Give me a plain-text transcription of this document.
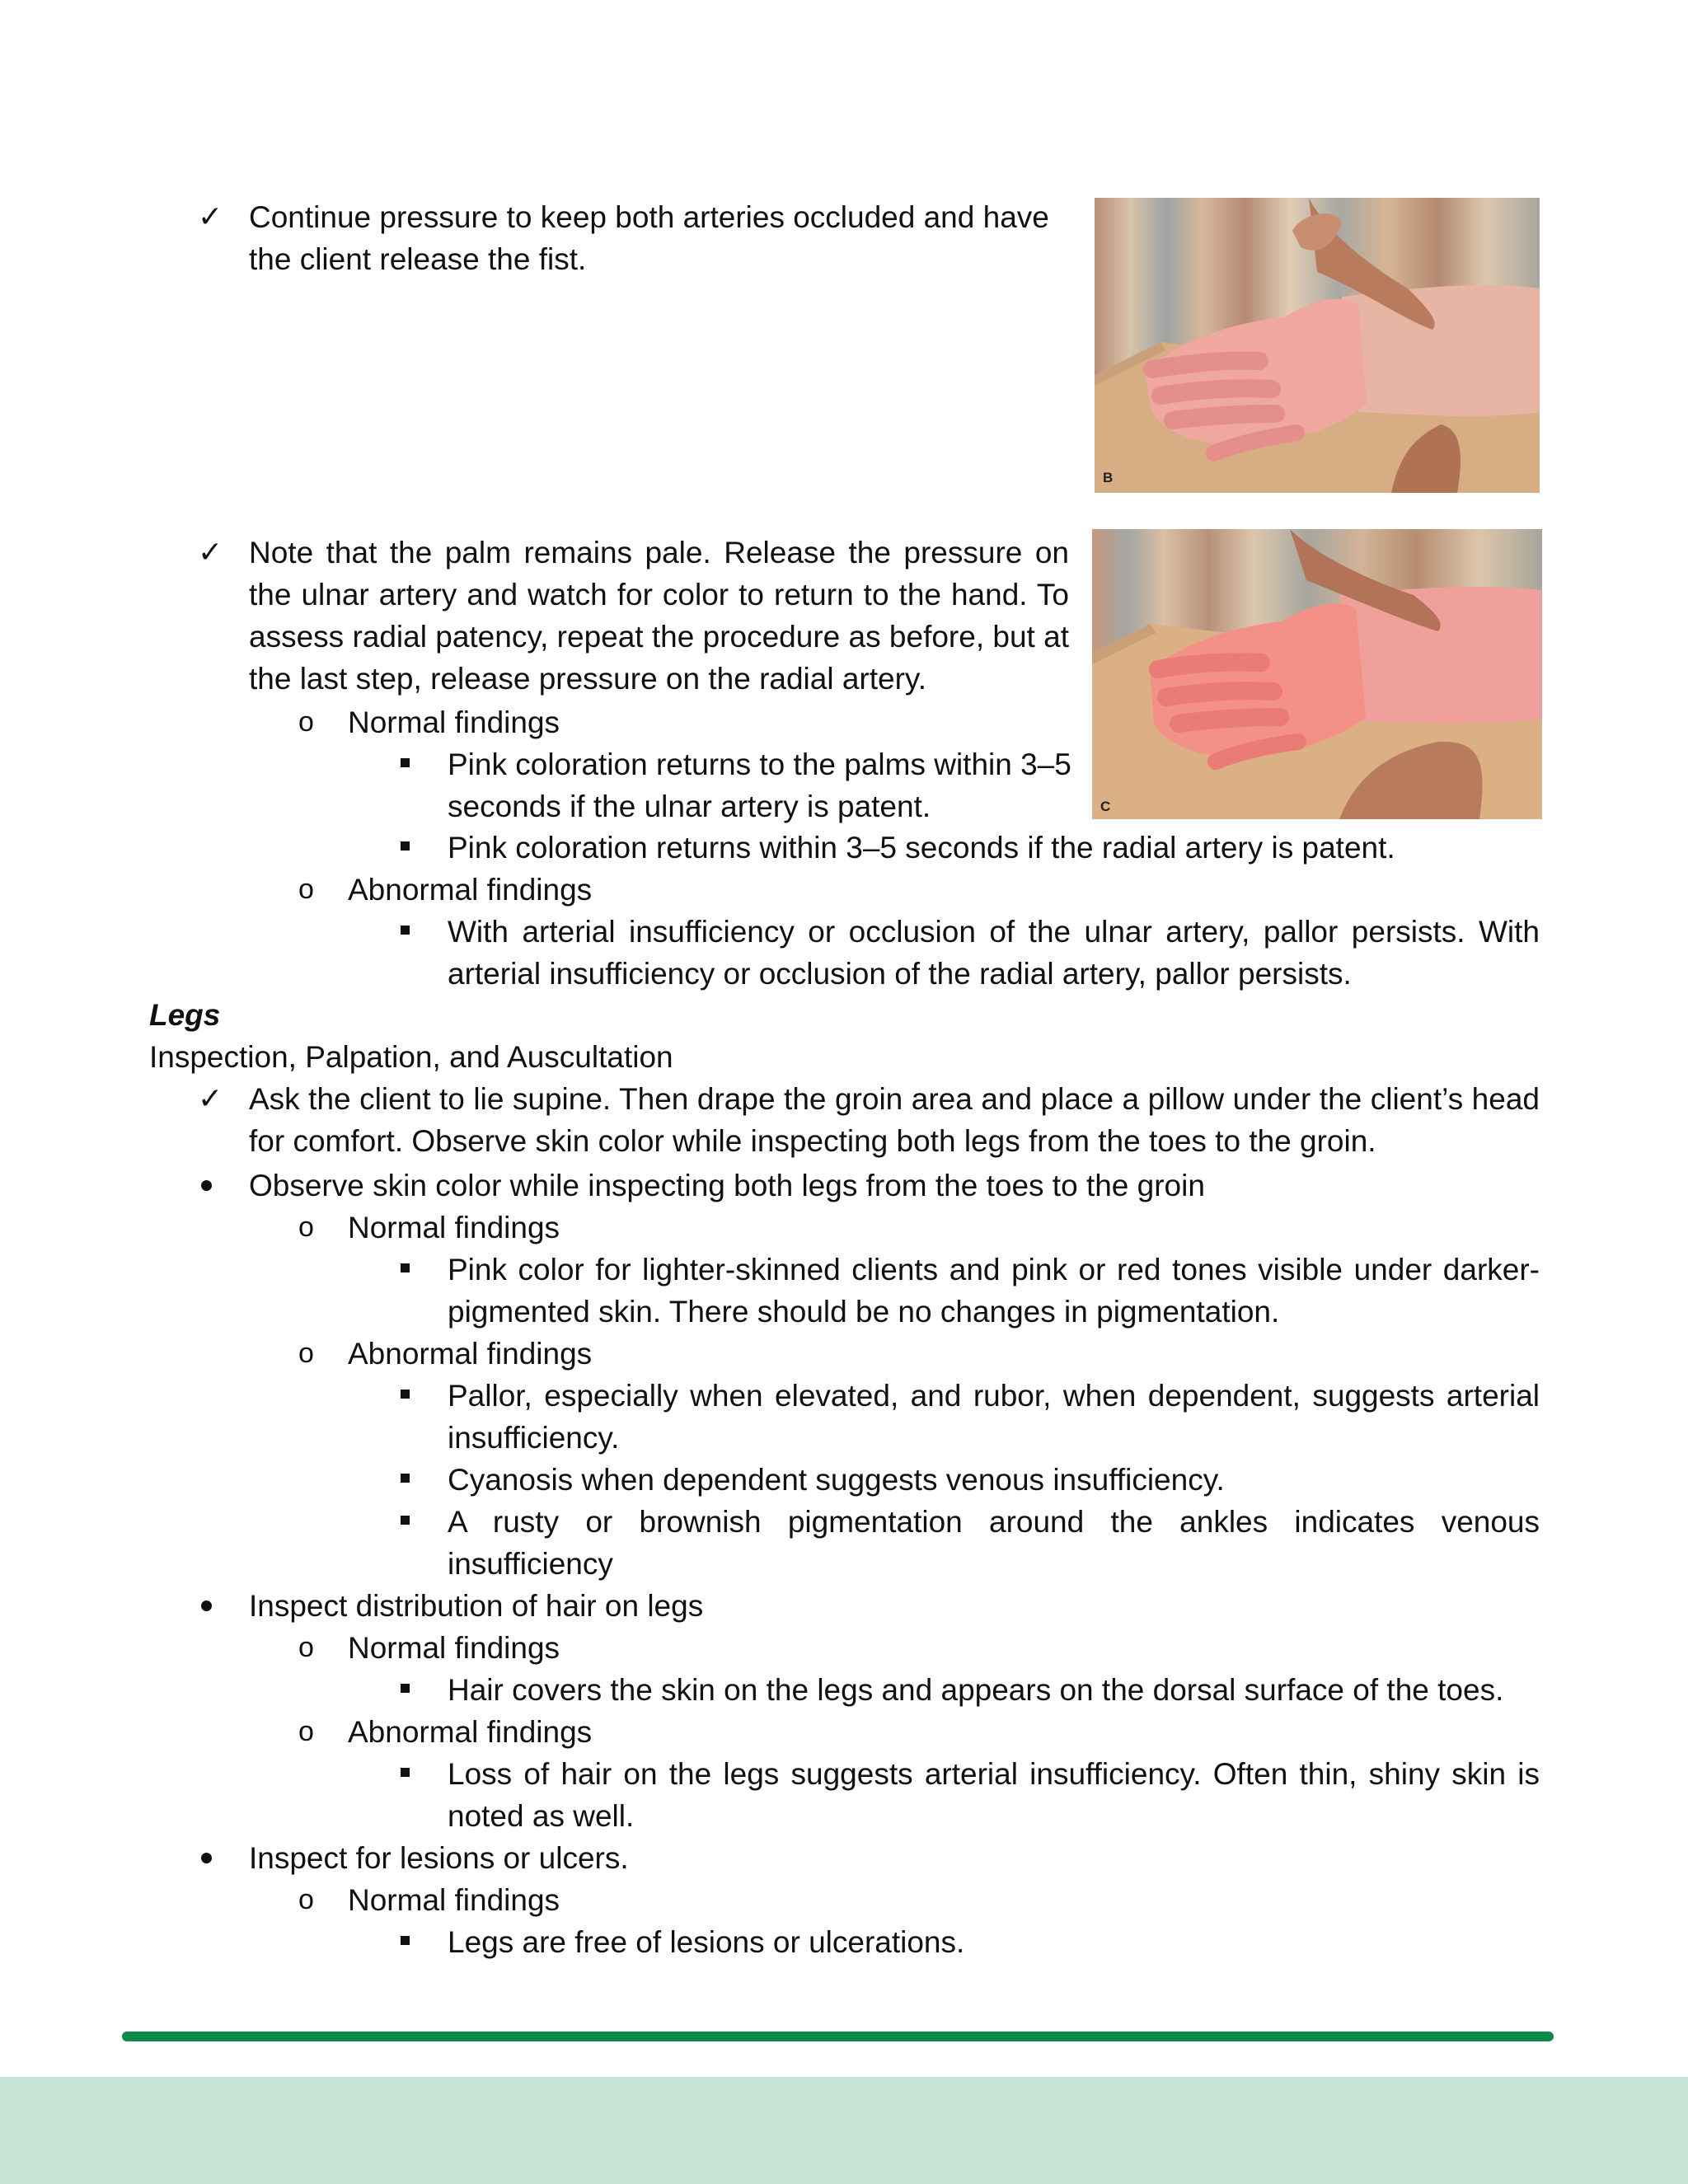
B
C
✓ Continue pressure to keep both arteries occluded and have the client release the fist.
✓ Note that the palm remains pale. Release the pressure on the ulnar artery and watch for color to return to the hand. To assess radial patency, repeat the procedure as before, but at the last step, release pressure on the radial artery.
o Normal findings
Pink coloration returns to the palms within 3–5 seconds if the ulnar artery is patent.
Pink coloration returns within 3–5 seconds if the radial artery is patent.
o Abnormal findings
With arterial insufficiency or occlusion of the ulnar artery, pallor persists. With arterial insufficiency or occlusion of the radial artery, pallor persists.
Legs
Inspection, Palpation, and Auscultation
✓ Ask the client to lie supine. Then drape the groin area and place a pillow under the client’s head for comfort. Observe skin color while inspecting both legs from the toes to the groin.
Observe skin color while inspecting both legs from the toes to the groin
o Normal findings
Pink color for lighter-skinned clients and pink or red tones visible under darker-pigmented skin. There should be no changes in pigmentation.
o Abnormal findings
Pallor, especially when elevated, and rubor, when dependent, suggests arterial insufficiency.
Cyanosis when dependent suggests venous insufficiency.
A rusty or brownish pigmentation around the ankles indicates venous insufficiency
Inspect distribution of hair on legs
o Normal findings
Hair covers the skin on the legs and appears on the dorsal surface of the toes.
o Abnormal findings
Loss of hair on the legs suggests arterial insufficiency. Often thin, shiny skin is noted as well.
Inspect for lesions or ulcers.
o Normal findings
Legs are free of lesions or ulcerations.
